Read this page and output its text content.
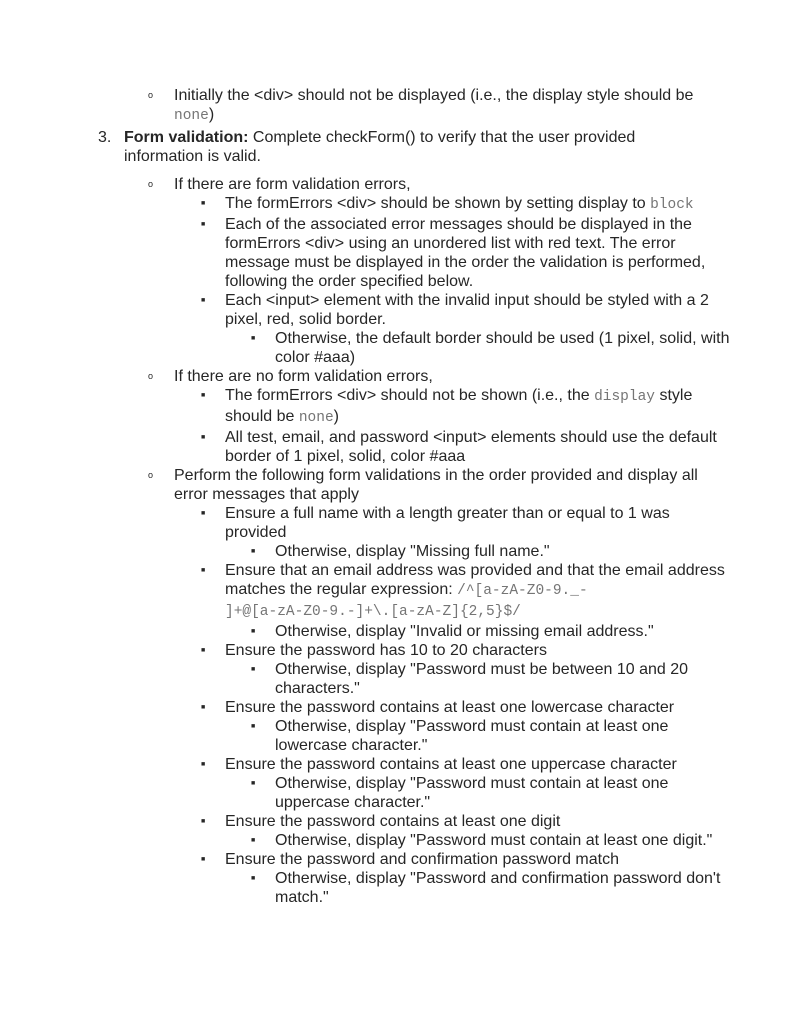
o Initially the <div> should not be displayed (i.e., the display style should be none)
3. Form validation: Complete checkForm() to verify that the user provided information is valid.
o If there are form validation errors,
■ The formErrors <div> should be shown by setting display to block
■ Each of the associated error messages should be displayed in the formErrors <div> using an unordered list with red text. The error message must be displayed in the order the validation is performed, following the order specified below.
■ Each <input> element with the invalid input should be styled with a 2 pixel, red, solid border.
■ Otherwise, the default border should be used (1 pixel, solid, with color #aaa)
o If there are no form validation errors,
■ The formErrors <div> should not be shown (i.e., the display style should be none)
■ All test, email, and password <input> elements should use the default border of 1 pixel, solid, color #aaa
o Perform the following form validations in the order provided and display all error messages that apply
■ Ensure a full name with a length greater than or equal to 1 was provided
■ Otherwise, display "Missing full name."
■ Ensure that an email address was provided and that the email address matches the regular expression: /^[a-zA-Z0-9._-
]+@[a-zA-Z0-9.-]+\.[a-zA-Z]{2,5}$/
■ Otherwise, display "Invalid or missing email address."
■ Ensure the password has 10 to 20 characters
■ Otherwise, display "Password must be between 10 and 20 characters."
■ Ensure the password contains at least one lowercase character
■ Otherwise, display "Password must contain at least one lowercase character."
■ Ensure the password contains at least one uppercase character
■ Otherwise, display "Password must contain at least one uppercase character."
■ Ensure the password contains at least one digit
■ Otherwise, display "Password must contain at least one digit."
■ Ensure the password and confirmation password match
■ Otherwise, display "Password and confirmation password don't match."
